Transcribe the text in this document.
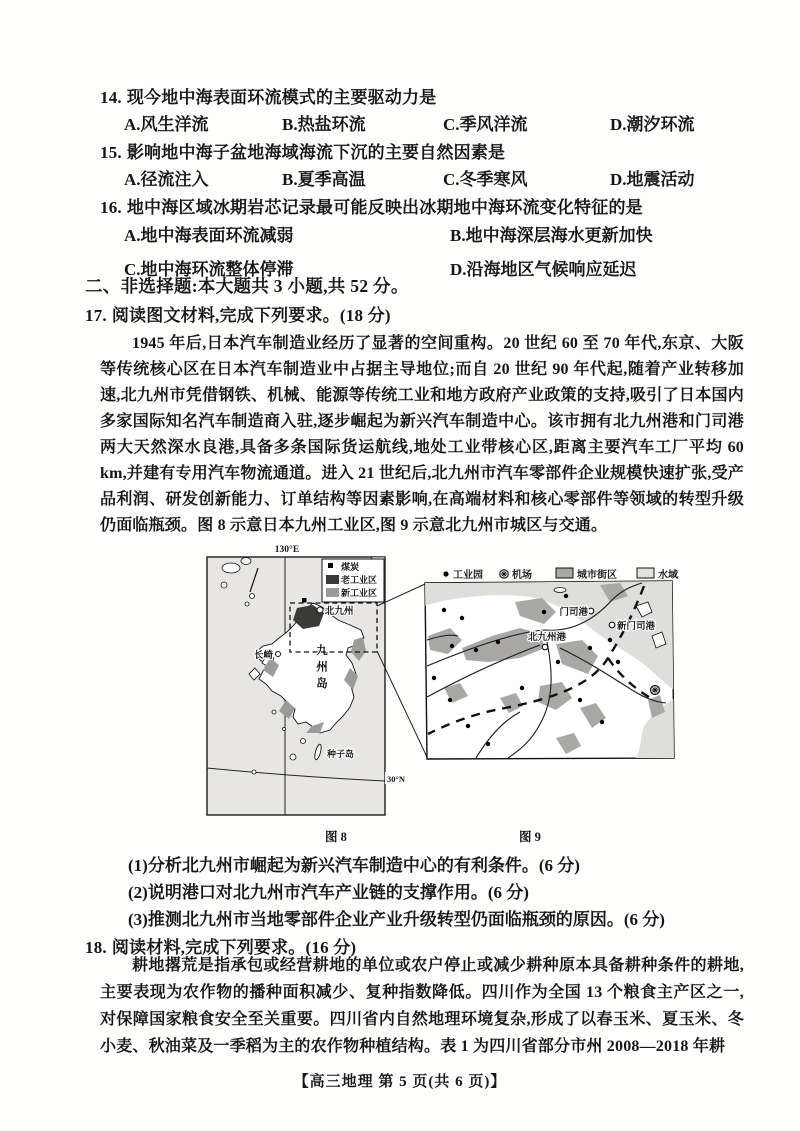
14. 现今地中海表面环流模式的主要驱动力是
A.风生洋流	B.热盐环流	C.季风洋流	D.潮汐环流
15. 影响地中海子盆地海域海流下沉的主要自然因素是
A.径流注入	B.夏季高温	C.冬季寒风	D.地震活动
16. 地中海区域冰期岩芯记录最可能反映出冰期地中海环流变化特征的是
A.地中海表面环流减弱	B.地中海深层海水更新加快
C.地中海环流整体停滞	D.沿海地区气候响应延迟
二、非选择题:本大题共 3 小题,共 52 分。
17. 阅读图文材料,完成下列要求。(18 分)

1945 年后,日本汽车制造业经历了显著的空间重构。20 世纪 60 至 70 年代,东京、大阪等传统核心区在日本汽车制造业中占据主导地位;而自 20 世纪 90 年代起,随着产业转移加速,北九州市凭借钢铁、机械、能源等传统工业和地方政府产业政策的支持,吸引了日本国内多家国际知名汽车制造商入驻,逐步崛起为新兴汽车制造中心。该市拥有北九州港和门司港两大天然深水良港,具备多条国际货运航线,地处工业带核心区,距离主要汽车工厂平均 60 km,并建有专用汽车物流通道。进入 21 世纪后,北九州市汽车零部件企业规模快速扩张,受产品利润、研发创新能力、订单结构等因素影响,在高端材料和核心零部件等领域的转型升级仍面临瓶颈。图 8 示意日本九州工业区,图 9 示意北九州市城区与交通。

130°E
北九州
长崎	九州岛
种子岛
30°N
煤炭
老工业区
新工业区
图 8
工业园	机场	城市街区	水域
门司港
新门司港
北九州港
图 9
(1)分析北九州市崛起为新兴汽车制造中心的有利条件。(6 分)
(2)说明港口对北九州市汽车产业链的支撑作用。(6 分)
(3)推测北九州市当地零部件企业产业升级转型仍面临瓶颈的原因。(6 分)
18. 阅读材料,完成下列要求。(16 分)

耕地撂荒是指承包或经营耕地的单位或农户停止或减少耕种原本具备耕种条件的耕地,主要表现为农作物的播种面积减少、复种指数降低。四川作为全国 13 个粮食主产区之一,对保障国家粮食安全至关重要。四川省内自然地理环境复杂,形成了以春玉米、夏玉米、冬小麦、秋油菜及一季稻为主的农作物种植结构。表 1 为四川省部分市州 2008—2018 年耕

【高三地理 第 5 页(共 6 页)】
